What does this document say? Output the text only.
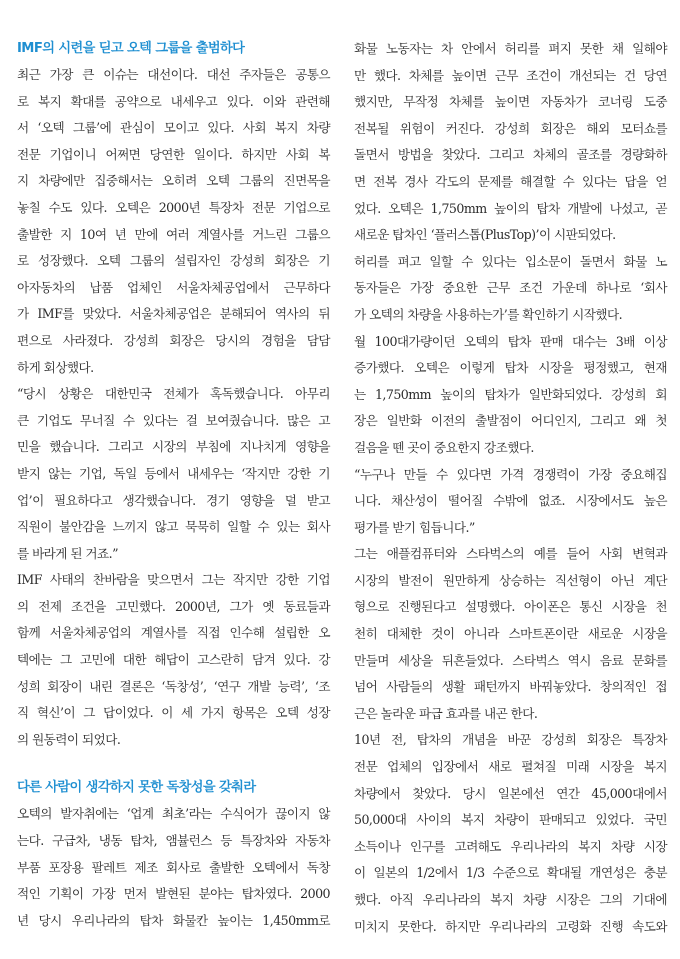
IMF의 시련을 딛고 오텍 그룹을 출범하다
최근 가장 큰 이슈는 대선이다. 대선 주자들은 공통으
로 복지 확대를 공약으로 내세우고 있다. 이와 관련해
서 ‘오텍 그룹’에 관심이 모이고 있다. 사회 복지 차량
전문 기업이니 어쩌면 당연한 일이다. 하지만 사회 복
지 차량에만 집중해서는 오히려 오텍 그룹의 진면목을
놓칠 수도 있다. 오텍은 2000년 특장차 전문 기업으로
출발한 지 10여 년 만에 여러 계열사를 거느린 그룹으
로 성장했다. 오텍 그룹의 설립자인 강성희 회장은 기
아자동차의 납품 업체인 서울차체공업에서 근무하다
가 IMF를 맞았다. 서울차체공업은 분해되어 역사의 뒤
편으로 사라졌다. 강성희 회장은 당시의 경험을 담담
하게 회상했다.
“당시 상황은 대한민국 전체가 혹독했습니다. 아무리
큰 기업도 무너질 수 있다는 걸 보여줬습니다. 많은 고
민을 했습니다. 그리고 시장의 부침에 지나치게 영향을
받지 않는 기업, 독일 등에서 내세우는 ‘작지만 강한 기
업’이 필요하다고 생각했습니다. 경기 영향을 덜 받고
직원이 불안감을 느끼지 않고 묵묵히 일할 수 있는 회사
를 바라게 된 거죠.”
IMF 사태의 찬바람을 맞으면서 그는 작지만 강한 기업
의 전제 조건을 고민했다. 2000년, 그가 옛 동료들과
함께 서울차체공업의 계열사를 직접 인수해 설립한 오
텍에는 그 고민에 대한 해답이 고스란히 담겨 있다. 강
성희 회장이 내린 결론은 ‘독창성’, ‘연구 개발 능력’, ‘조
직 혁신’이 그 답이었다. 이 세 가지 항목은 오텍 성장
의 원동력이 되었다.
다른 사람이 생각하지 못한 독창성을 갖춰라
오텍의 발자취에는 ‘업계 최초’라는 수식어가 끊이지 않
는다. 구급차, 냉동 탑차, 앰뷸런스 등 특장차와 자동차
부품 포장용 팔레트 제조 회사로 출발한 오텍에서 독창
적인 기획이 가장 먼저 발현된 분야는 탑차였다. 2000
년 당시 우리나라의 탑차 화물칸 높이는 1,450mm로
화물 노동자는 차 안에서 허리를 펴지 못한 채 일해야
만 했다. 차체를 높이면 근무 조건이 개선되는 건 당연
했지만, 무작정 차체를 높이면 자동차가 코너링 도중
전복될 위험이 커진다. 강성희 회장은 해외 모터쇼를
돌면서 방법을 찾았다. 그리고 차체의 골조를 경량화하
면 전복 경사 각도의 문제를 해결할 수 있다는 답을 얻
었다. 오텍은 1,750mm 높이의 탑차 개발에 나섰고, 곧
새로운 탑차인 ‘플러스톱(PlusTop)’이 시판되었다.
허리를 펴고 일할 수 있다는 입소문이 돌면서 화물 노
동자들은 가장 중요한 근무 조건 가운데 하나로 ‘회사
가 오텍의 차량을 사용하는가’를 확인하기 시작했다.
월 100대가량이던 오텍의 탑차 판매 대수는 3배 이상
증가했다. 오텍은 이렇게 탑차 시장을 평정했고, 현재
는 1,750mm 높이의 탑차가 일반화되었다. 강성희 회
장은 일반화 이전의 출발점이 어디인지, 그리고 왜 첫
걸음을 뗀 곳이 중요한지 강조했다.
“누구나 만들 수 있다면 가격 경쟁력이 가장 중요해집
니다. 채산성이 떨어질 수밖에 없죠. 시장에서도 높은
평가를 받기 힘듭니다.”
그는 애플컴퓨터와 스타벅스의 예를 들어 사회 변혁과
시장의 발전이 원만하게 상승하는 직선형이 아닌 계단
형으로 진행된다고 설명했다. 아이폰은 통신 시장을 천
천히 대체한 것이 아니라 스마트폰이란 새로운 시장을
만들며 세상을 뒤흔들었다. 스타벅스 역시 음료 문화를
넘어 사람들의 생활 패턴까지 바꿔놓았다. 창의적인 접
근은 놀라운 파급 효과를 내곤 한다.
10년 전, 탑차의 개념을 바꾼 강성희 회장은 특장차
전문 업체의 입장에서 새로 펼쳐질 미래 시장을 복지
차량에서 찾았다. 당시 일본에선 연간 45,000대에서
50,000대 사이의 복지 차량이 판매되고 있었다. 국민
소득이나 인구를 고려해도 우리나라의 복지 차량 시장
이 일본의 1/2에서 1/3 수준으로 확대될 개연성은 충분
했다. 아직 우리나라의 복지 차량 시장은 그의 기대에
미치지 못한다. 하지만 우리나라의 고령화 진행 속도와
